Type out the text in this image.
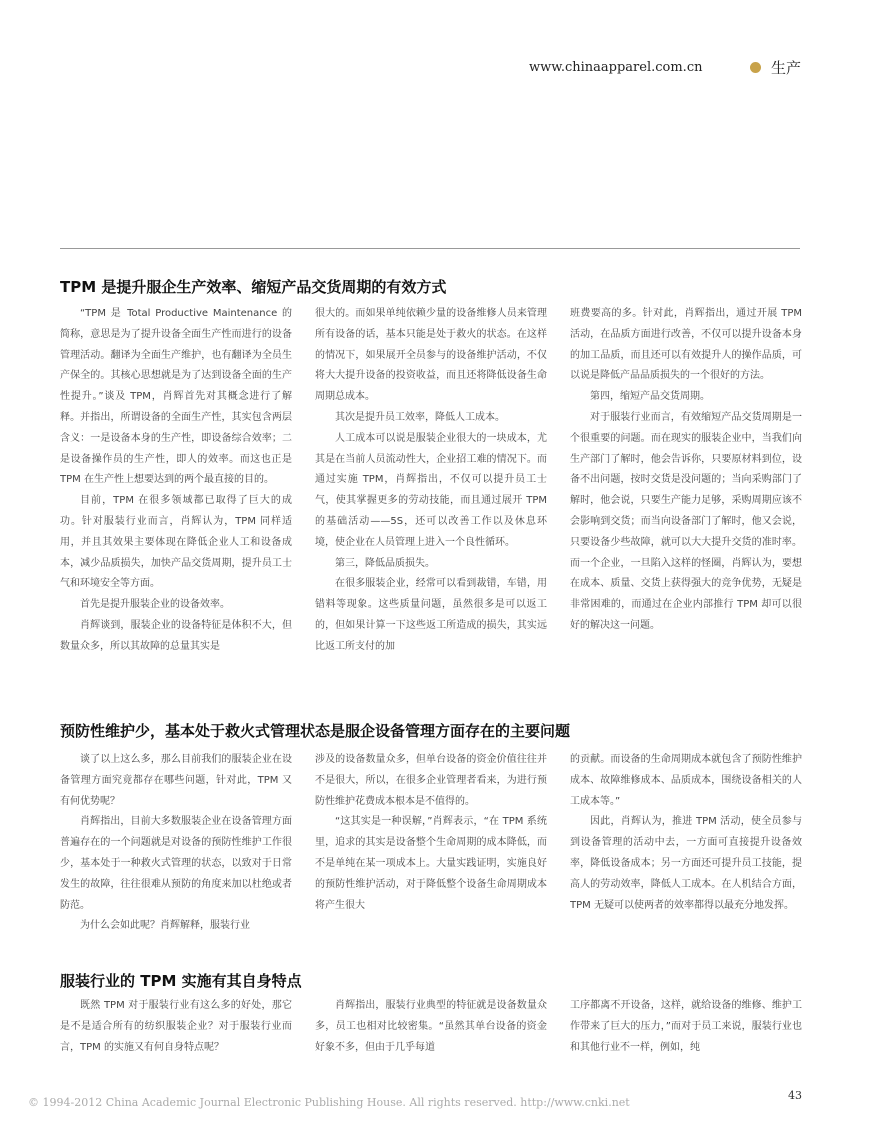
www.chinaapparel.com.cn	生产
TPM 是提升服企生产效率、缩短产品交货周期的有效方式

“TPM 是 Total Productive Maintenance 的简称，意思是为了提升设备全面生产性而进行的设备管理活动。翻译为全面生产维护，也有翻译为全员生产保全的。其核心思想就是为了达到设备全面的生产性提升。”谈及 TPM，肖辉首先对其概念进行了解释。并指出，所谓设备的全面生产性，其实包含两层含义：一是设备本身的生产性，即设备综合效率；二是设备操作员的生产性，即人的效率。而这也正是 TPM 在生产性上想要达到的两个最直接的目的。

目前，TPM 在很多领域都已取得了巨大的成功。针对服装行业而言，肖辉认为，TPM 同样适用，并且其效果主要体现在降低企业人工和设备成本，减少品质损失，加快产品交货周期，提升员工士气和环境安全等方面。

首先是提升服装企业的设备效率。

肖辉谈到，服装企业的设备特征是体积不大，但数量众多，所以其故障的总量其实是

很大的。而如果单纯依赖少量的设备维修人员来管理所有设备的话，基本只能是处于救火的状态。在这样的情况下，如果展开全员参与的设备维护活动，不仅将大大提升设备的投资收益，而且还将降低设备生命周期总成本。

其次是提升员工效率，降低人工成本。

人工成本可以说是服装企业很大的一块成本，尤其是在当前人员流动性大，企业招工难的情况下。而通过实施 TPM，肖辉指出，不仅可以提升员工士气，使其掌握更多的劳动技能，而且通过展开 TPM 的基础活动——5S，还可以改善工作以及休息环境，使企业在人员管理上进入一个良性循环。

第三，降低品质损失。

在很多服装企业，经常可以看到裁错，车错，用错料等现象。这些质量问题，虽然很多是可以返工的，但如果计算一下这些返工所造成的损失，其实远比返工所支付的加

班费要高的多。针对此，肖辉指出，通过开展 TPM 活动，在品质方面进行改善，不仅可以提升设备本身的加工品质，而且还可以有效提升人的操作品质，可以说是降低产品品质损失的一个很好的方法。

第四，缩短产品交货周期。

对于服装行业而言，有效缩短产品交货周期是一个很重要的问题。而在现实的服装企业中，当我们向生产部门了解时，他会告诉你，只要原材料到位，设备不出问题，按时交货是没问题的；当向采购部门了解时，他会说，只要生产能力足够，采购周期应该不会影响到交货；而当向设备部门了解时，他又会说，只要设备少些故障，就可以大大提升交货的准时率。而一个企业，一旦陷入这样的怪圈，肖辉认为，要想在成本、质量、交货上获得强大的竞争优势，无疑是非常困难的，而通过在企业内部推行 TPM 却可以很好的解决这一问题。

预防性维护少，基本处于救火式管理状态是服企设备管理方面存在的主要问题

谈了以上这么多，那么目前我们的服装企业在设备管理方面究竟都存在哪些问题，针对此，TPM 又有何优势呢？

肖辉指出，目前大多数服装企业在设备管理方面普遍存在的一个问题就是对设备的预防性维护工作很少，基本处于一种救火式管理的状态，以致对于日常发生的故障，往往很难从预防的角度来加以杜绝或者防范。

为什么会如此呢？肖辉解释，服装行业

涉及的设备数量众多，但单台设备的资金价值往往并不是很大，所以，在很多企业管理者看来，为进行预防性维护花费成本根本是不值得的。

“这其实是一种误解，”肖辉表示，“在 TPM 系统里，追求的其实是设备整个生命周期的成本降低，而不是单纯在某一项成本上。大量实践证明，实施良好的预防性维护活动，对于降低整个设备生命周期成本将产生很大

的贡献。而设备的生命周期成本就包含了预防性维护成本、故障维修成本、品质成本，围绕设备相关的人工成本等。”

因此，肖辉认为，推进 TPM 活动，使全员参与到设备管理的活动中去，一方面可直接提升设备效率，降低设备成本；另一方面还可提升员工技能，提高人的劳动效率，降低人工成本。在人机结合方面，TPM 无疑可以使两者的效率都得以最充分地发挥。

服装行业的 TPM 实施有其自身特点

既然 TPM 对于服装行业有这么多的好处，那它是不是适合所有的纺织服装企业？对于服装行业而言，TPM 的实施又有何自身特点呢？

肖辉指出，服装行业典型的特征就是设备数量众多，员工也相对比较密集。“虽然其单台设备的资金好象不多，但由于几乎每道

工序都离不开设备，这样，就给设备的维修、维护工作带来了巨大的压力，”而对于员工来说，服装行业也和其他行业不一样，例如，纯

43
© 1994-2012 China Academic Journal Electronic Publishing House. All rights reserved. http://www.cnki.net
